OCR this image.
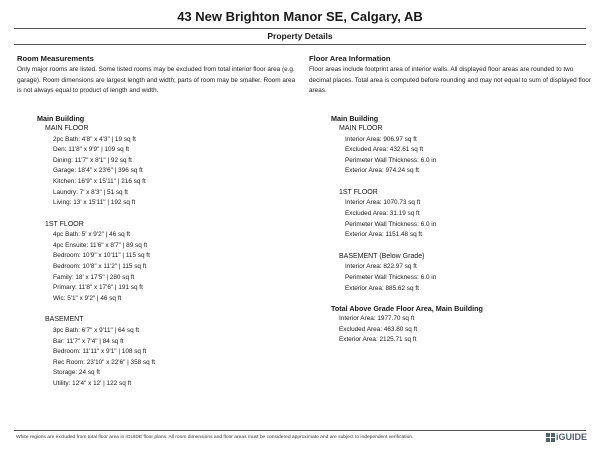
43 New Brighton Manor SE, Calgary, AB
Property Details
Room Measurements
Only major rooms are listed. Some listed rooms may be excluded from total interior floor area (e.g. garage). Room dimensions are largest length and width; parts of room may be smaller. Room area is not always equal to product of length and width.
Main Building
MAIN FLOOR
2pc Bath: 4'8" x 4'3" | 19 sq ft
Den: 11'8" x 9'9" | 109 sq ft
Dining: 11'7" x 8'1" | 92 sq ft
Garage: 18'4" x 23'6" | 396 sq ft
Kitchen: 16'9" x 15'11" | 216 sq ft
Laundry: 7' x 8'3" | 51 sq ft
Living: 13' x 15'11" | 192 sq ft
1ST FLOOR
4pc Bath: 5' x 9'2" | 46 sq ft
4pc Ensuite: 11'6" x 8'7" | 89 sq ft
Bedroom: 10'9" x 10'11" | 115 sq ft
Bedroom: 10'8" x 11'2" | 115 sq ft
Family: 18' x 17'5" | 280 sq ft
Primary: 11'8" x 17'6" | 191 sq ft
Wic: 5'1" x 9'2" | 46 sq ft
BASEMENT
3pc Bath: 6'7" x 9'11" | 64 sq ft
Bar: 11'7" x 7'4" | 84 sq ft
Bedroom: 11'11" x 9'1" | 108 sq ft
Rec Room: 23'10" x 22'6" | 358 sq ft
Storage: 24 sq ft
Utility: 12'4" x 12' | 122 sq ft
Floor Area Information
Floor areas include footprint area of interior walls. All displayed floor areas are rounded to two decimal places. Total area is computed before rounding and may not equal to sum of displayed floor areas.
Main Building
MAIN FLOOR
Interior Area: 906.97 sq ft
Excluded Area: 432.61 sq ft
Perimeter Wall Thickness: 6.0 in
Exterior Area: 974.24 sq ft
1ST FLOOR
Interior Area: 1070.73 sq ft
Excluded Area: 31.19 sq ft
Perimeter Wall Thickness: 6.0 in
Exterior Area: 1151.48 sq ft
BASEMENT (Below Grade)
Interior Area: 822.97 sq ft
Perimeter Wall Thickness: 6.0 in
Exterior Area: 885.62 sq ft
Total Above Grade Floor Area, Main Building
Interior Area: 1977.70 sq ft
Excluded Area: 463.80 sq ft
Exterior Area: 2125.71 sq ft
White regions are excluded from total floor area in iGUIDE floor plans. All room dimensions and floor areas must be considered approximate and are subject to independent verification.	i GUIDE
